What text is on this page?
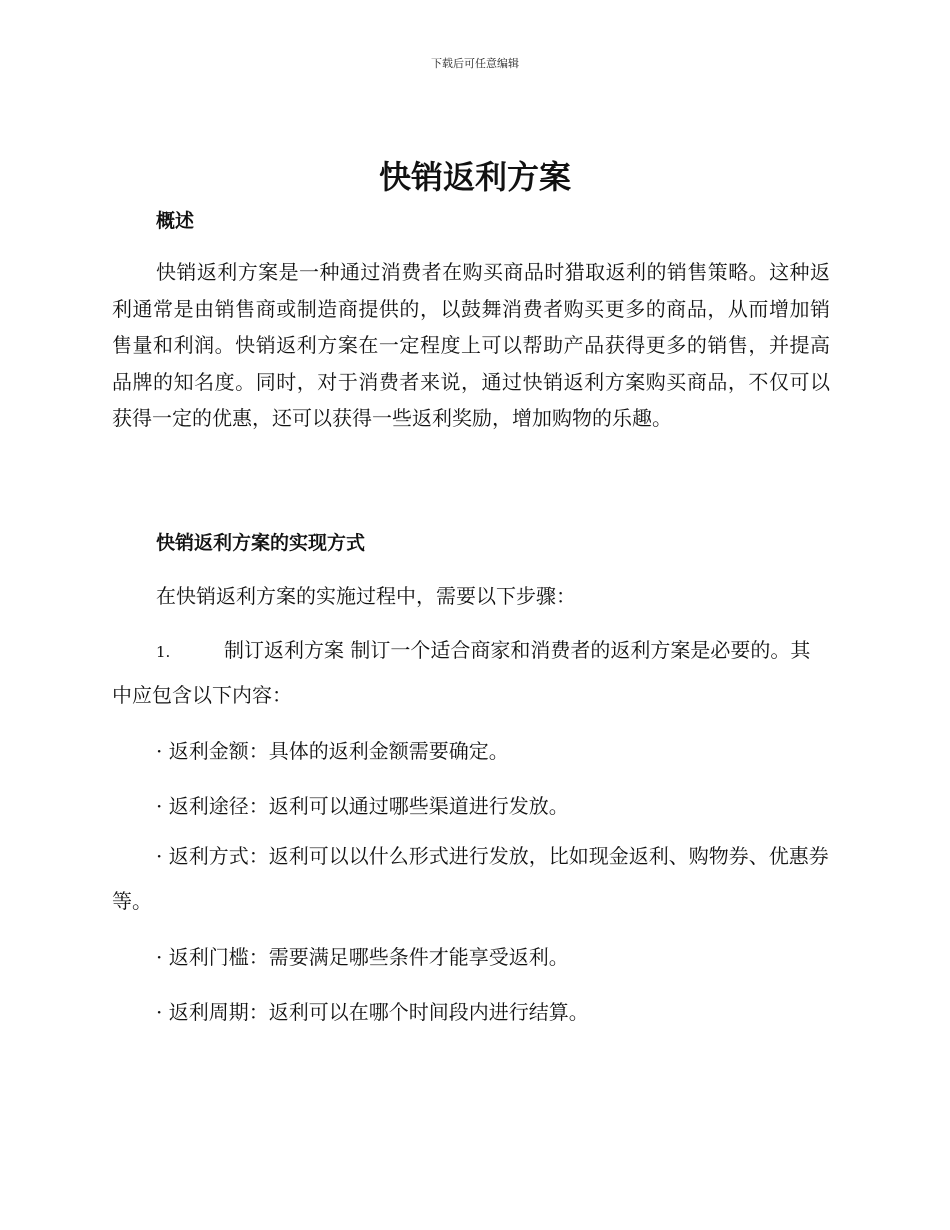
下载后可任意编辑
快销返利方案
概述

快销返利方案是一种通过消费者在购买商品时猎取返利的销售策略。这种返利通常是由销售商或制造商提供的，以鼓舞消费者购买更多的商品，从而增加销售量和利润。快销返利方案在一定程度上可以帮助产品获得更多的销售，并提高品牌的知名度。同时，对于消费者来说，通过快销返利方案购买商品，不仅可以获得一定的优惠，还可以获得一些返利奖励，增加购物的乐趣。

快销返利方案的实现方式

在快销返利方案的实施过程中，需要以下步骤：

1.	制订返利方案 制订一个适合商家和消费者的返利方案是必要的。其中应包含以下内容：

· 返利金额：具体的返利金额需要确定。
· 返利途径：返利可以通过哪些渠道进行发放。

· 返利方式：返利可以以什么形式进行发放，比如现金返利、购物券、优惠券等。

· 返利门槛：需要满足哪些条件才能享受返利。
· 返利周期：返利可以在哪个时间段内进行结算。
